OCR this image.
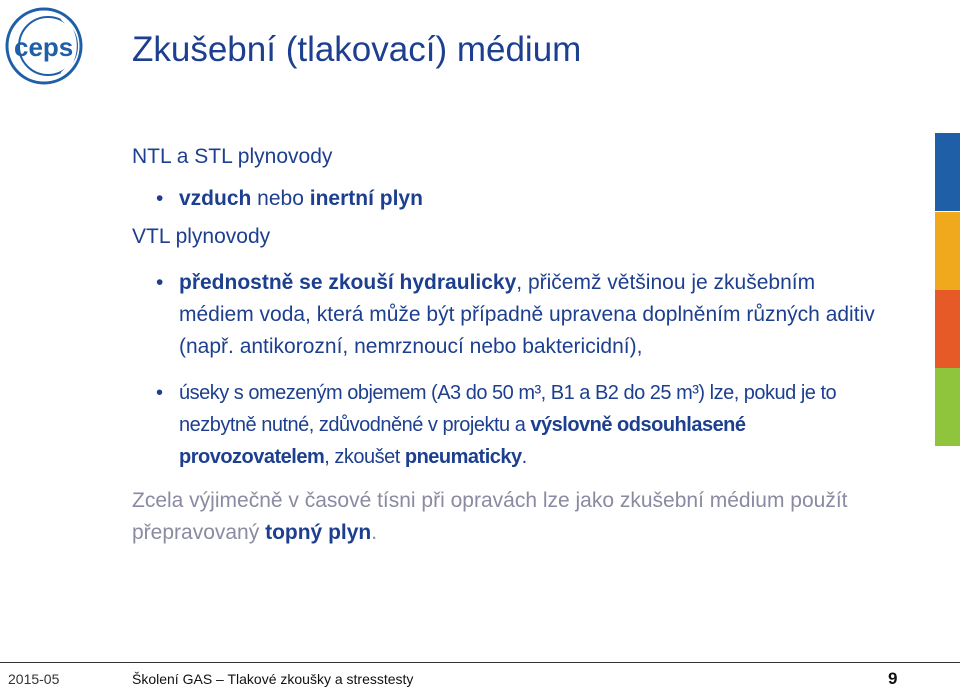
ceps Zkušební (tlakovací) médium
NTL a STL plynovody
• vzduch nebo inertní plyn
VTL plynovody
• přednostně se zkouší hydraulicky, přičemž většinou je zkušebním médiem voda, která může být případně upravena doplněním různých aditiv (např. antikorozní, nemrznoucí nebo baktericidní),
• úseky s omezeným objemem (A3 do 50 m³, B1 a B2 do 25 m³) lze, pokud je to nezbytně nutné, zdůvodněné v projektu a výslovně odsouhlasené provozovatelem, zkoušet pneumaticky.
Zcela výjimečně v časové tísni při opravách lze jako zkušební médium použít přepravovaný topný plyn.
2015-05	Školení GAS – Tlakové zkoušky a stresstesty	9
